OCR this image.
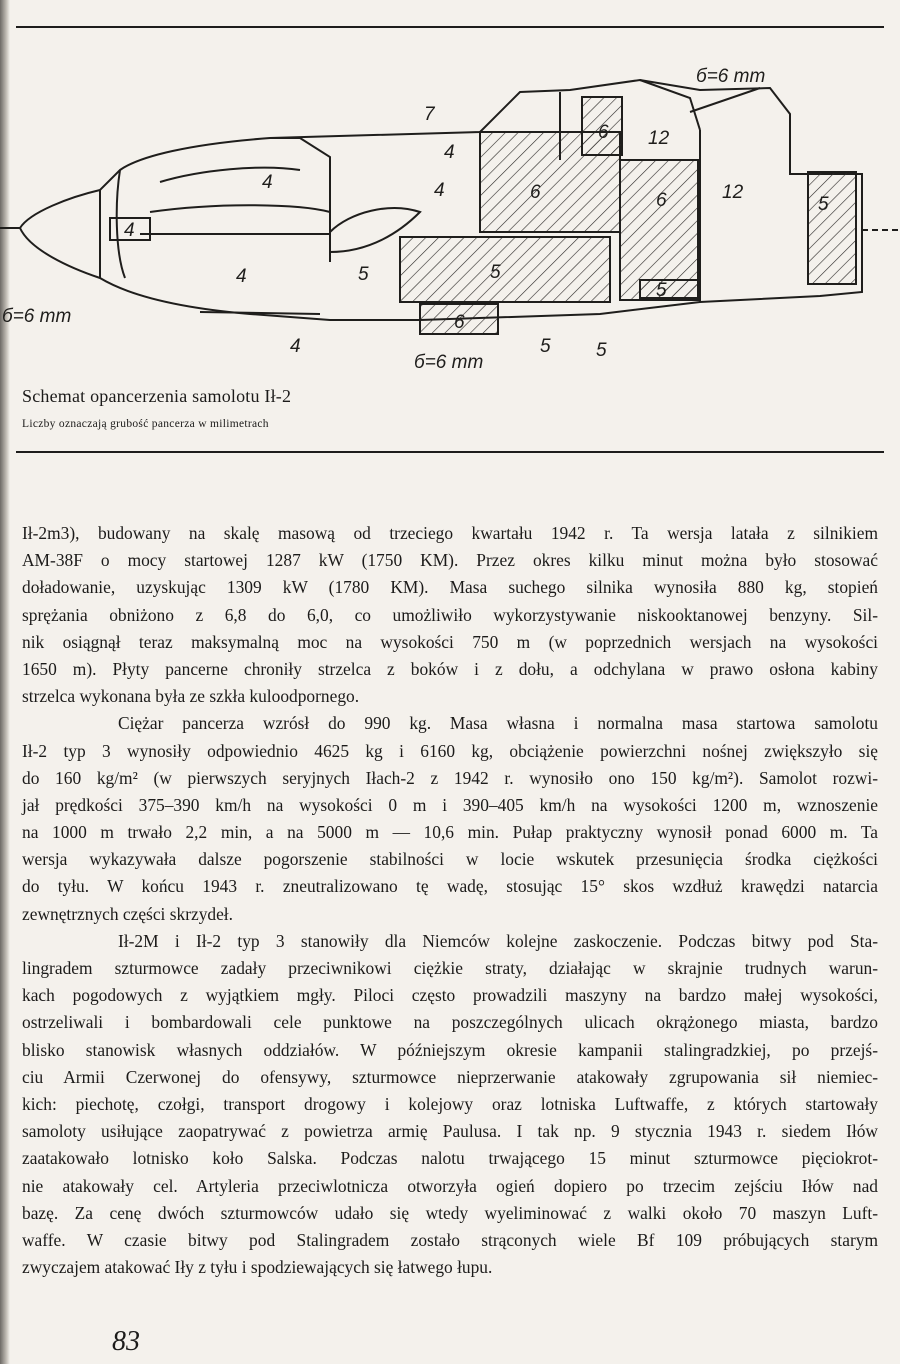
б=6 mm
б=6 mm
б=6 mm
7
4
4	4
4
4
4
5	5
5 5
5
5
6
6
6
6
12
12
Schemat opancerzenia samolotu Ił-2
Liczby oznaczają grubość pancerza w milimetrach
Ił-2m3), budowany na skalę masową od trzeciego kwartału 1942 r. Ta wersja latała z silnikiem
AM-38F o mocy startowej 1287 kW (1750 KM). Przez okres kilku minut można było stosować
doładowanie, uzyskując 1309 kW (1780 KM). Masa suchego silnika wynosiła 880 kg, stopień
sprężania obniżono z 6,8 do 6,0, co umożliwiło wykorzystywanie niskooktanowej benzyny. Sil-
nik osiągnął teraz maksymalną moc na wysokości 750 m (w poprzednich wersjach na wysokości
1650 m). Płyty pancerne chroniły strzelca z boków i z dołu, a odchylana w prawo osłona kabiny
strzelca wykonana była ze szkła kuloodpornego.
Ciężar pancerza wzrósł do 990 kg. Masa własna i normalna masa startowa samolotu
Ił-2 typ 3 wynosiły odpowiednio 4625 kg i 6160 kg, obciążenie powierzchni nośnej zwiększyło się
do 160 kg/m² (w pierwszych seryjnych Iłach-2 z 1942 r. wynosiło ono 150 kg/m²). Samolot rozwi-
jał prędkości 375–390 km/h na wysokości 0 m i 390–405 km/h na wysokości 1200 m, wznoszenie
na 1000 m trwało 2,2 min, a na 5000 m — 10,6 min. Pułap praktyczny wynosił ponad 6000 m. Ta
wersja wykazywała dalsze pogorszenie stabilności w locie wskutek przesunięcia środka ciężkości
do tyłu. W końcu 1943 r. zneutralizowano tę wadę, stosując 15° skos wzdłuż krawędzi natarcia
zewnętrznych części skrzydeł.
Ił-2M i Ił-2 typ 3 stanowiły dla Niemców kolejne zaskoczenie. Podczas bitwy pod Sta-
lingradem szturmowce zadały przeciwnikowi ciężkie straty, działając w skrajnie trudnych warun-
kach pogodowych z wyjątkiem mgły. Piloci często prowadzili maszyny na bardzo małej wysokości,
ostrzeliwali i bombardowali cele punktowe na poszczególnych ulicach okrążonego miasta, bardzo
blisko stanowisk własnych oddziałów. W późniejszym okresie kampanii stalingradzkiej, po przejś-
ciu Armii Czerwonej do ofensywy, szturmowce nieprzerwanie atakowały zgrupowania sił niemiec-
kich: piechotę, czołgi, transport drogowy i kolejowy oraz lotniska Luftwaffe, z których startowały
samoloty usiłujące zaopatrywać z powietrza armię Paulusa. I tak np. 9 stycznia 1943 r. siedem Iłów
zaatakowało lotnisko koło Salska. Podczas nalotu trwającego 15 minut szturmowce pięciokrot-
nie atakowały cel. Artyleria przeciwlotnicza otworzyła ogień dopiero po trzecim zejściu Iłów nad
bazę. Za cenę dwóch szturmowców udało się wtedy wyeliminować z walki około 70 maszyn Luft-
waffe. W czasie bitwy pod Stalingradem zostało strąconych wiele Bf 109 próbujących starym
zwyczajem atakować Iły z tyłu i spodziewających się łatwego łupu.
83
